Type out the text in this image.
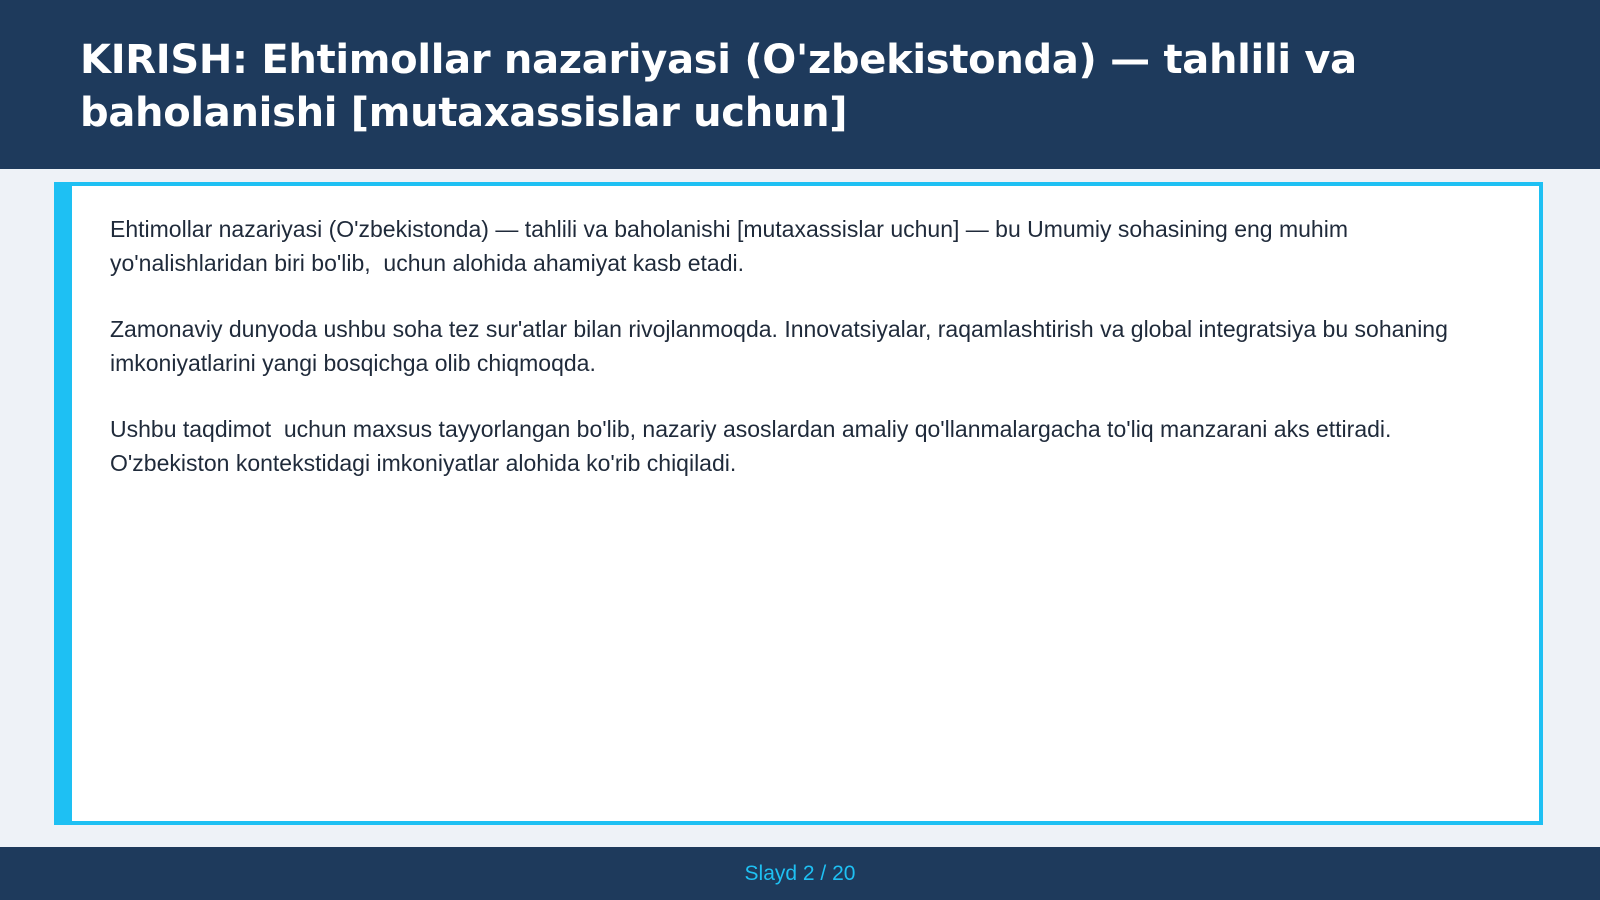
KIRISH: Ehtimollar nazariyasi (O'zbekistonda) — tahlili va baholanishi [mutaxassislar uchun]

Ehtimollar nazariyasi (O'zbekistonda) — tahlili va baholanishi [mutaxassislar uchun] — bu Umumiy sohasining eng muhim yo'nalishlaridan biri bo'lib,  uchun alohida ahamiyat kasb etadi.

Zamonaviy dunyoda ushbu soha tez sur'atlar bilan rivojlanmoqda. Innovatsiyalar, raqamlashtirish va global integratsiya bu sohaning imkoniyatlarini yangi bosqichga olib chiqmoqda.

Ushbu taqdimot  uchun maxsus tayyorlangan bo'lib, nazariy asoslardan amaliy qo'llanmalargacha to'liq manzarani aks ettiradi. O'zbekiston kontekstidagi imkoniyatlar alohida ko'rib chiqiladi.

Slayd 2 / 20
